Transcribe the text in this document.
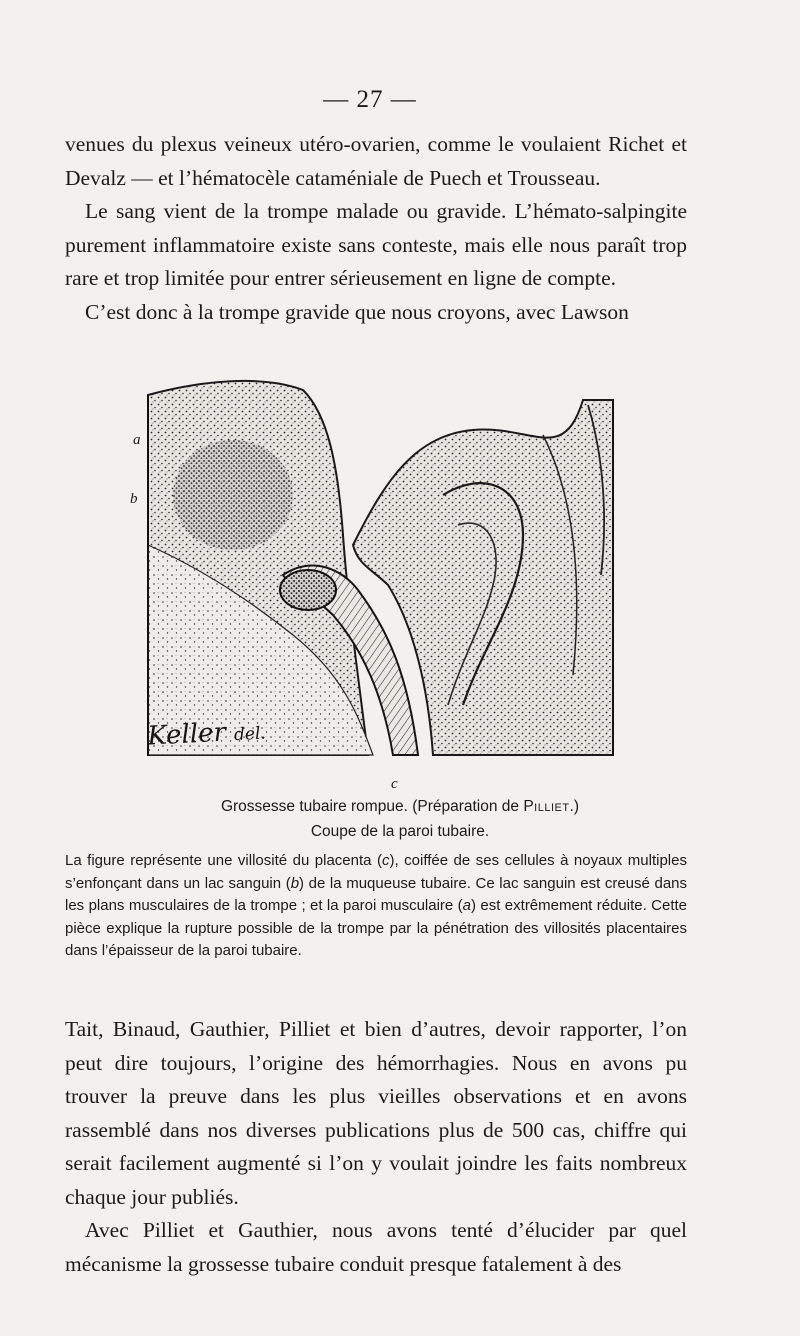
— 27 —

venues du plexus veineux utéro-ovarien, comme le voulaient Richet et Devalz — et l’hématocèle cataméniale de Puech et Trousseau.

Le sang vient de la trompe malade ou gravide. L’hémato-salpingite purement inflammatoire existe sans conteste, mais elle nous paraît trop rare et trop limitée pour entrer sérieusement en ligne de compte.

C’est donc à la trompe gravide que nous croyons, avec Lawson

a
b
c
Keller del.
Grossesse tubaire rompue. (Préparation de Pilliet.)
Coupe de la paroi tubaire.
La figure représente une villosité du placenta (c), coiffée de ses cellules à noyaux multiples s’enfonçant dans un lac sanguin (b) de la muqueuse tubaire. Ce lac sanguin est creusé dans les plans musculaires de la trompe ; et la paroi musculaire (a) est extrêmement réduite. Cette pièce explique la rupture possible de la trompe par la pénétration des villosités placentaires dans l’épaisseur de la paroi tubaire.

Tait, Binaud, Gauthier, Pilliet et bien d’autres, devoir rapporter, l’on peut dire toujours, l’origine des hémorrhagies. Nous en avons pu trouver la preuve dans les plus vieilles observations et en avons rassemblé dans nos diverses publications plus de 500 cas, chiffre qui serait facilement augmenté si l’on y voulait joindre les faits nombreux chaque jour publiés.

Avec Pilliet et Gauthier, nous avons tenté d’élucider par quel mécanisme la grossesse tubaire conduit presque fatalement à des
